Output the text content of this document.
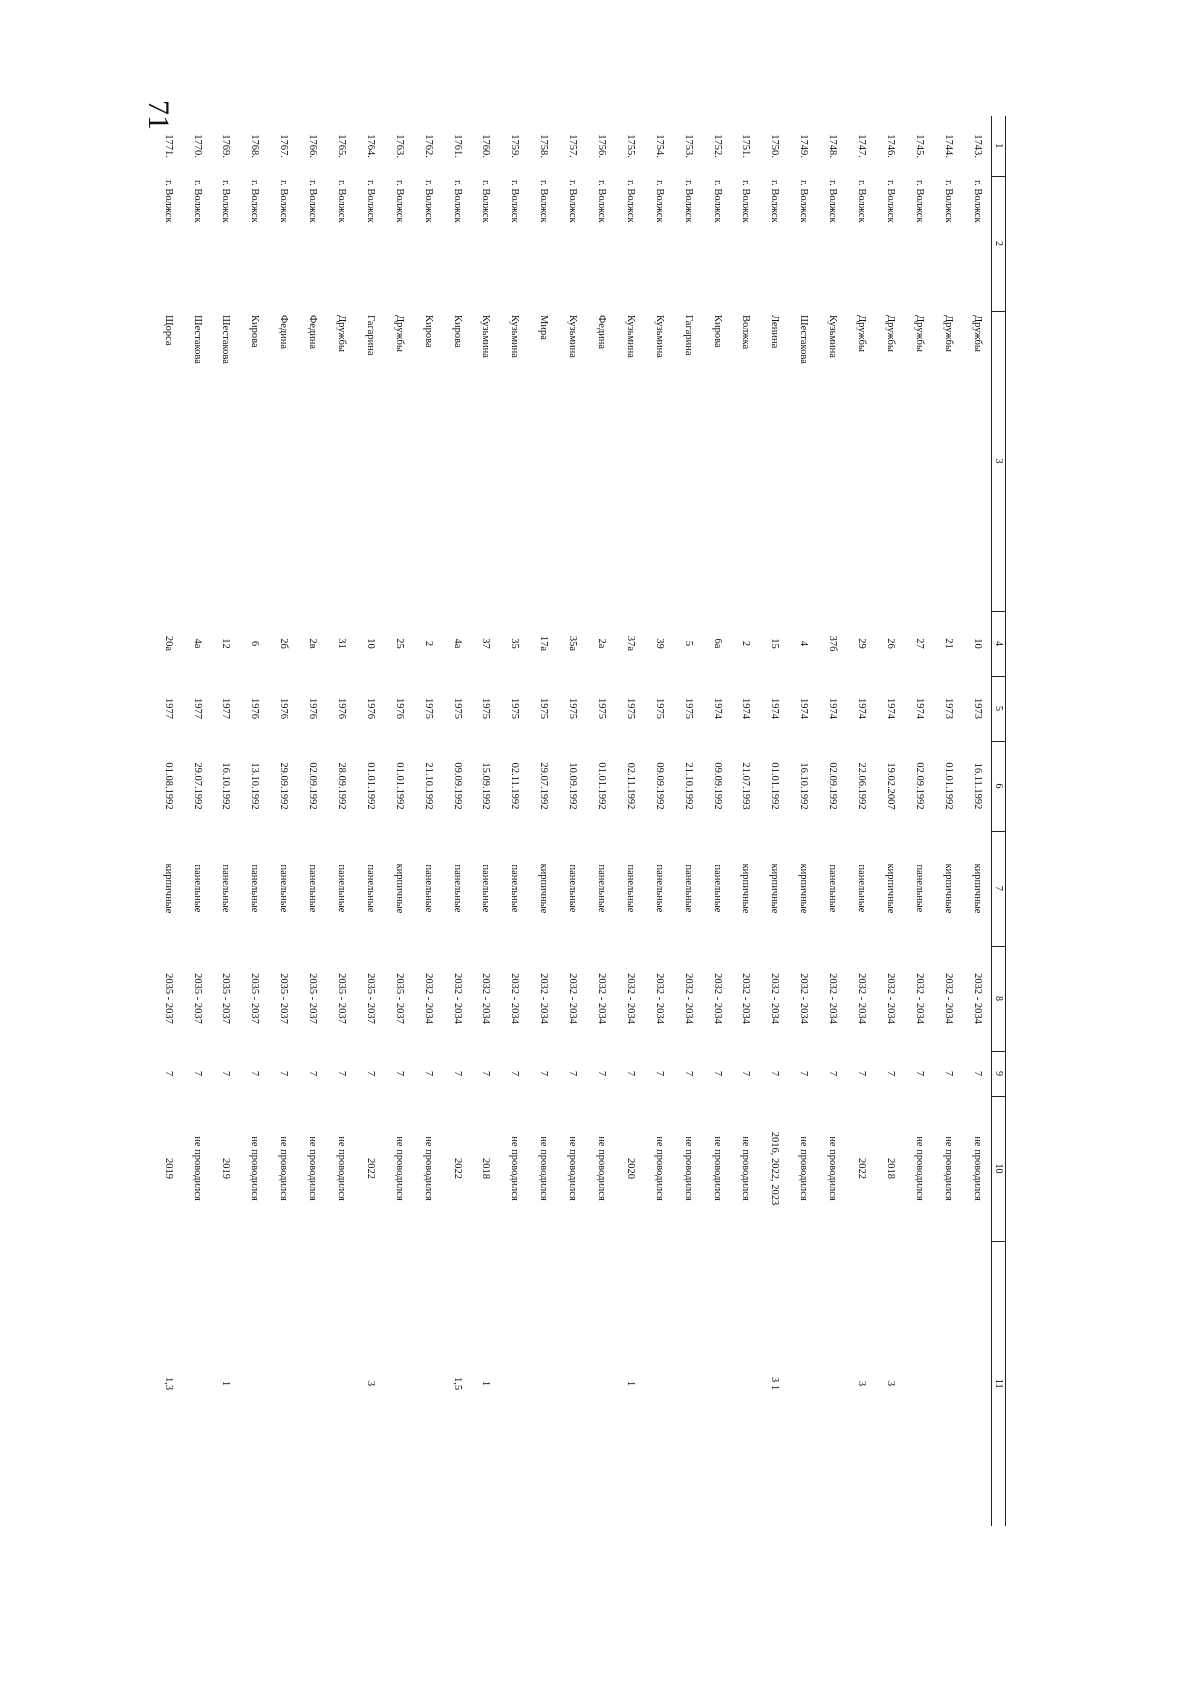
71
1	2	3	4	5	6	7	8	9	10	11
1743.	г. Волжск	Дружбы	10	1973	16.11.1992	кирпичные	2032 - 2034	7	не проводился	
1744.	г. Волжск	Дружбы	21	1973	01.01.1992	кирпичные	2032 - 2034	7	не проводился	
1745.	г. Волжск	Дружбы	27	1974	02.09.1992	панельные	2032 - 2034	7	не проводился	
1746.	г. Волжск	Дружбы	26	1974	19.02.2007	кирпичные	2032 - 2034	7	2018	3
1747.	г. Волжск	Дружбы	29	1974	22.06.1992	панельные	2032 - 2034	7	2022	3
1748.	г. Волжск	Кузьмина	37б	1974	02.09.1992	панельные	2032 - 2034	7	не проводился	
1749.	г. Волжск	Шестакова	4	1974	16.10.1992	кирпичные	2032 - 2034	7	не проводился	
1750.	г. Волжск	Ленина	15	1974	01.01.1992	кирпичные	2032 - 2034	7	2016, 2022, 2023	3 1
1751.	г. Волжск	Волжка	2	1974	21.07.1993	кирпичные	2032 - 2034	7	не проводился	
1752.	г. Волжск	Кирова	6а	1974	09.09.1992	панельные	2032 - 2034	7	не проводился	
1753.	г. Волжск	Гагарина	5	1975	21.10.1992	панельные	2032 - 2034	7	не проводился	
1754.	г. Волжск	Кузьмина	39	1975	09.09.1992	панельные	2032 - 2034	7	не проводился	
1755.	г. Волжск	Кузьмина	37а	1975	02.11.1992	панельные	2032 - 2034	7	2020	1
1756.	г. Волжск	Федина	2а	1975	01.01.1992	панельные	2032 - 2034	7	не проводился	
1757.	г. Волжск	Кузьмина	35а	1975	10.09.1992	панельные	2032 - 2034	7	не проводился	
1758.	г. Волжск	Мира	17а	1975	29.07.1992	кирпичные	2032 - 2034	7	не проводился	
1759.	г. Волжск	Кузьмина	35	1975	02.11.1992	панельные	2032 - 2034	7	не проводился	
1760.	г. Волжск	Кузьмина	37	1975	15.09.1992	панельные	2032 - 2034	7	2018	1
1761.	г. Волжск	Кирова	4а	1975	09.09.1992	панельные	2032 - 2034	7	2022	1,5
1762.	г. Волжск	Кирова	2	1975	21.10.1992	панельные	2032 - 2034	7	не проводился	
1763.	г. Волжск	Дружбы	25	1976	01.01.1992	кирпичные	2035 - 2037	7	не проводился	
1764.	г. Волжск	Гагарина	10	1976	01.01.1992	панельные	2035 - 2037	7	2022	3
1765.	г. Волжск	Дружбы	31	1976	28.09.1992	панельные	2035 - 2037	7	не проводился	
1766.	г. Волжск	Федина	2в	1976	02.09.1992	панельные	2035 - 2037	7	не проводился	
1767.	г. Волжск	Федина	2б	1976	29.09.1992	панельные	2035 - 2037	7	не проводился	
1768.	г. Волжск	Кирова	6	1976	13.10.1992	панельные	2035 - 2037	7	не проводился	
1769.	г. Волжск	Шестакова	12	1977	16.10.1992	панельные	2035 - 2037	7	2019	1
1770.	г. Волжск	Шестакова	4а	1977	29.07.1992	панельные	2035 - 2037	7	не проводился	
1771.	г. Волжск	Щорса	20а	1977	01.08.1992	кирпичные	2035 - 2037	7	2019	1,3
